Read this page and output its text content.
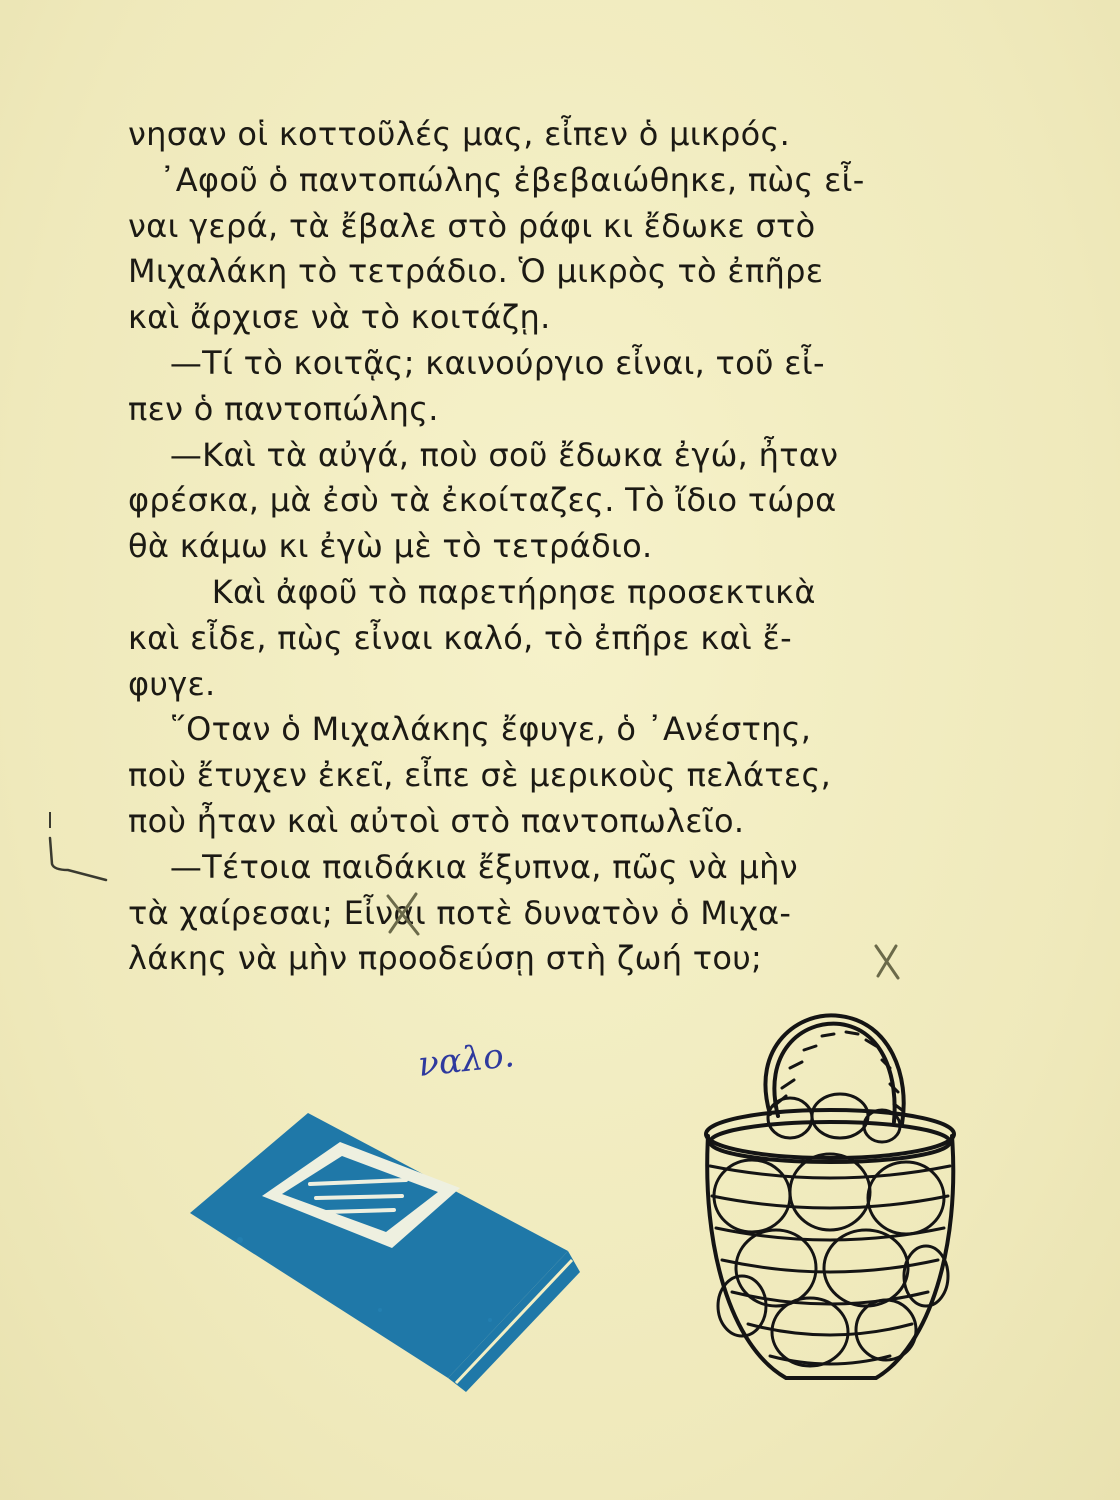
νησαν οἱ κοττοῦλές μας, εἶπεν ὁ μικρός.
᾽Αφοῦ ὁ παντοπώλης ἐβεβαιώθηκε, πὼς εἶ-
ναι γερά, τὰ ἔβαλε στὸ ράφι κι ἔδωκε στὸ
Μιχαλάκη τὸ τετράδιο. Ὁ μικρὸς τὸ ἐπῆρε
καὶ ἄρχισε νὰ τὸ κοιτάζῃ.
—Τί τὸ κοιτᾷς; καινούργιο εἶναι, τοῦ εἶ-
πεν ὁ παντοπώλης.
—Καὶ τὰ αὐγά, ποὺ σοῦ ἔδωκα ἐγώ, ἦταν
φρέσκα, μὰ ἐσὺ τὰ ἐκοίταζες. Τὸ ἴδιο τώρα
θὰ κάμω κι ἐγὼ μὲ τὸ τετράδιο.
Καὶ ἀφοῦ τὸ παρετήρησε προσεκτικὰ
καὶ εἶδε, πὼς εἶναι καλό, τὸ ἐπῆρε καὶ ἔ-
φυγε.
῞Οταν ὁ Μιχαλάκης ἔφυγε, ὁ ᾽Ανέστης,
ποὺ ἔτυχεν ἐκεῖ, εἶπε σὲ μερικοὺς πελάτες,
ποὺ ἦταν καὶ αὐτοὶ στὸ παντοπωλεῖο.
—Τέτοια παιδάκια ἔξυπνα, πῶς νὰ μὴν
τὰ χαίρεσαι; Εἶναι ποτὲ δυνατὸν ὁ Μιχα-
λάκης νὰ μὴν προοδεύσῃ στὴ ζωή του;
ναλο.
